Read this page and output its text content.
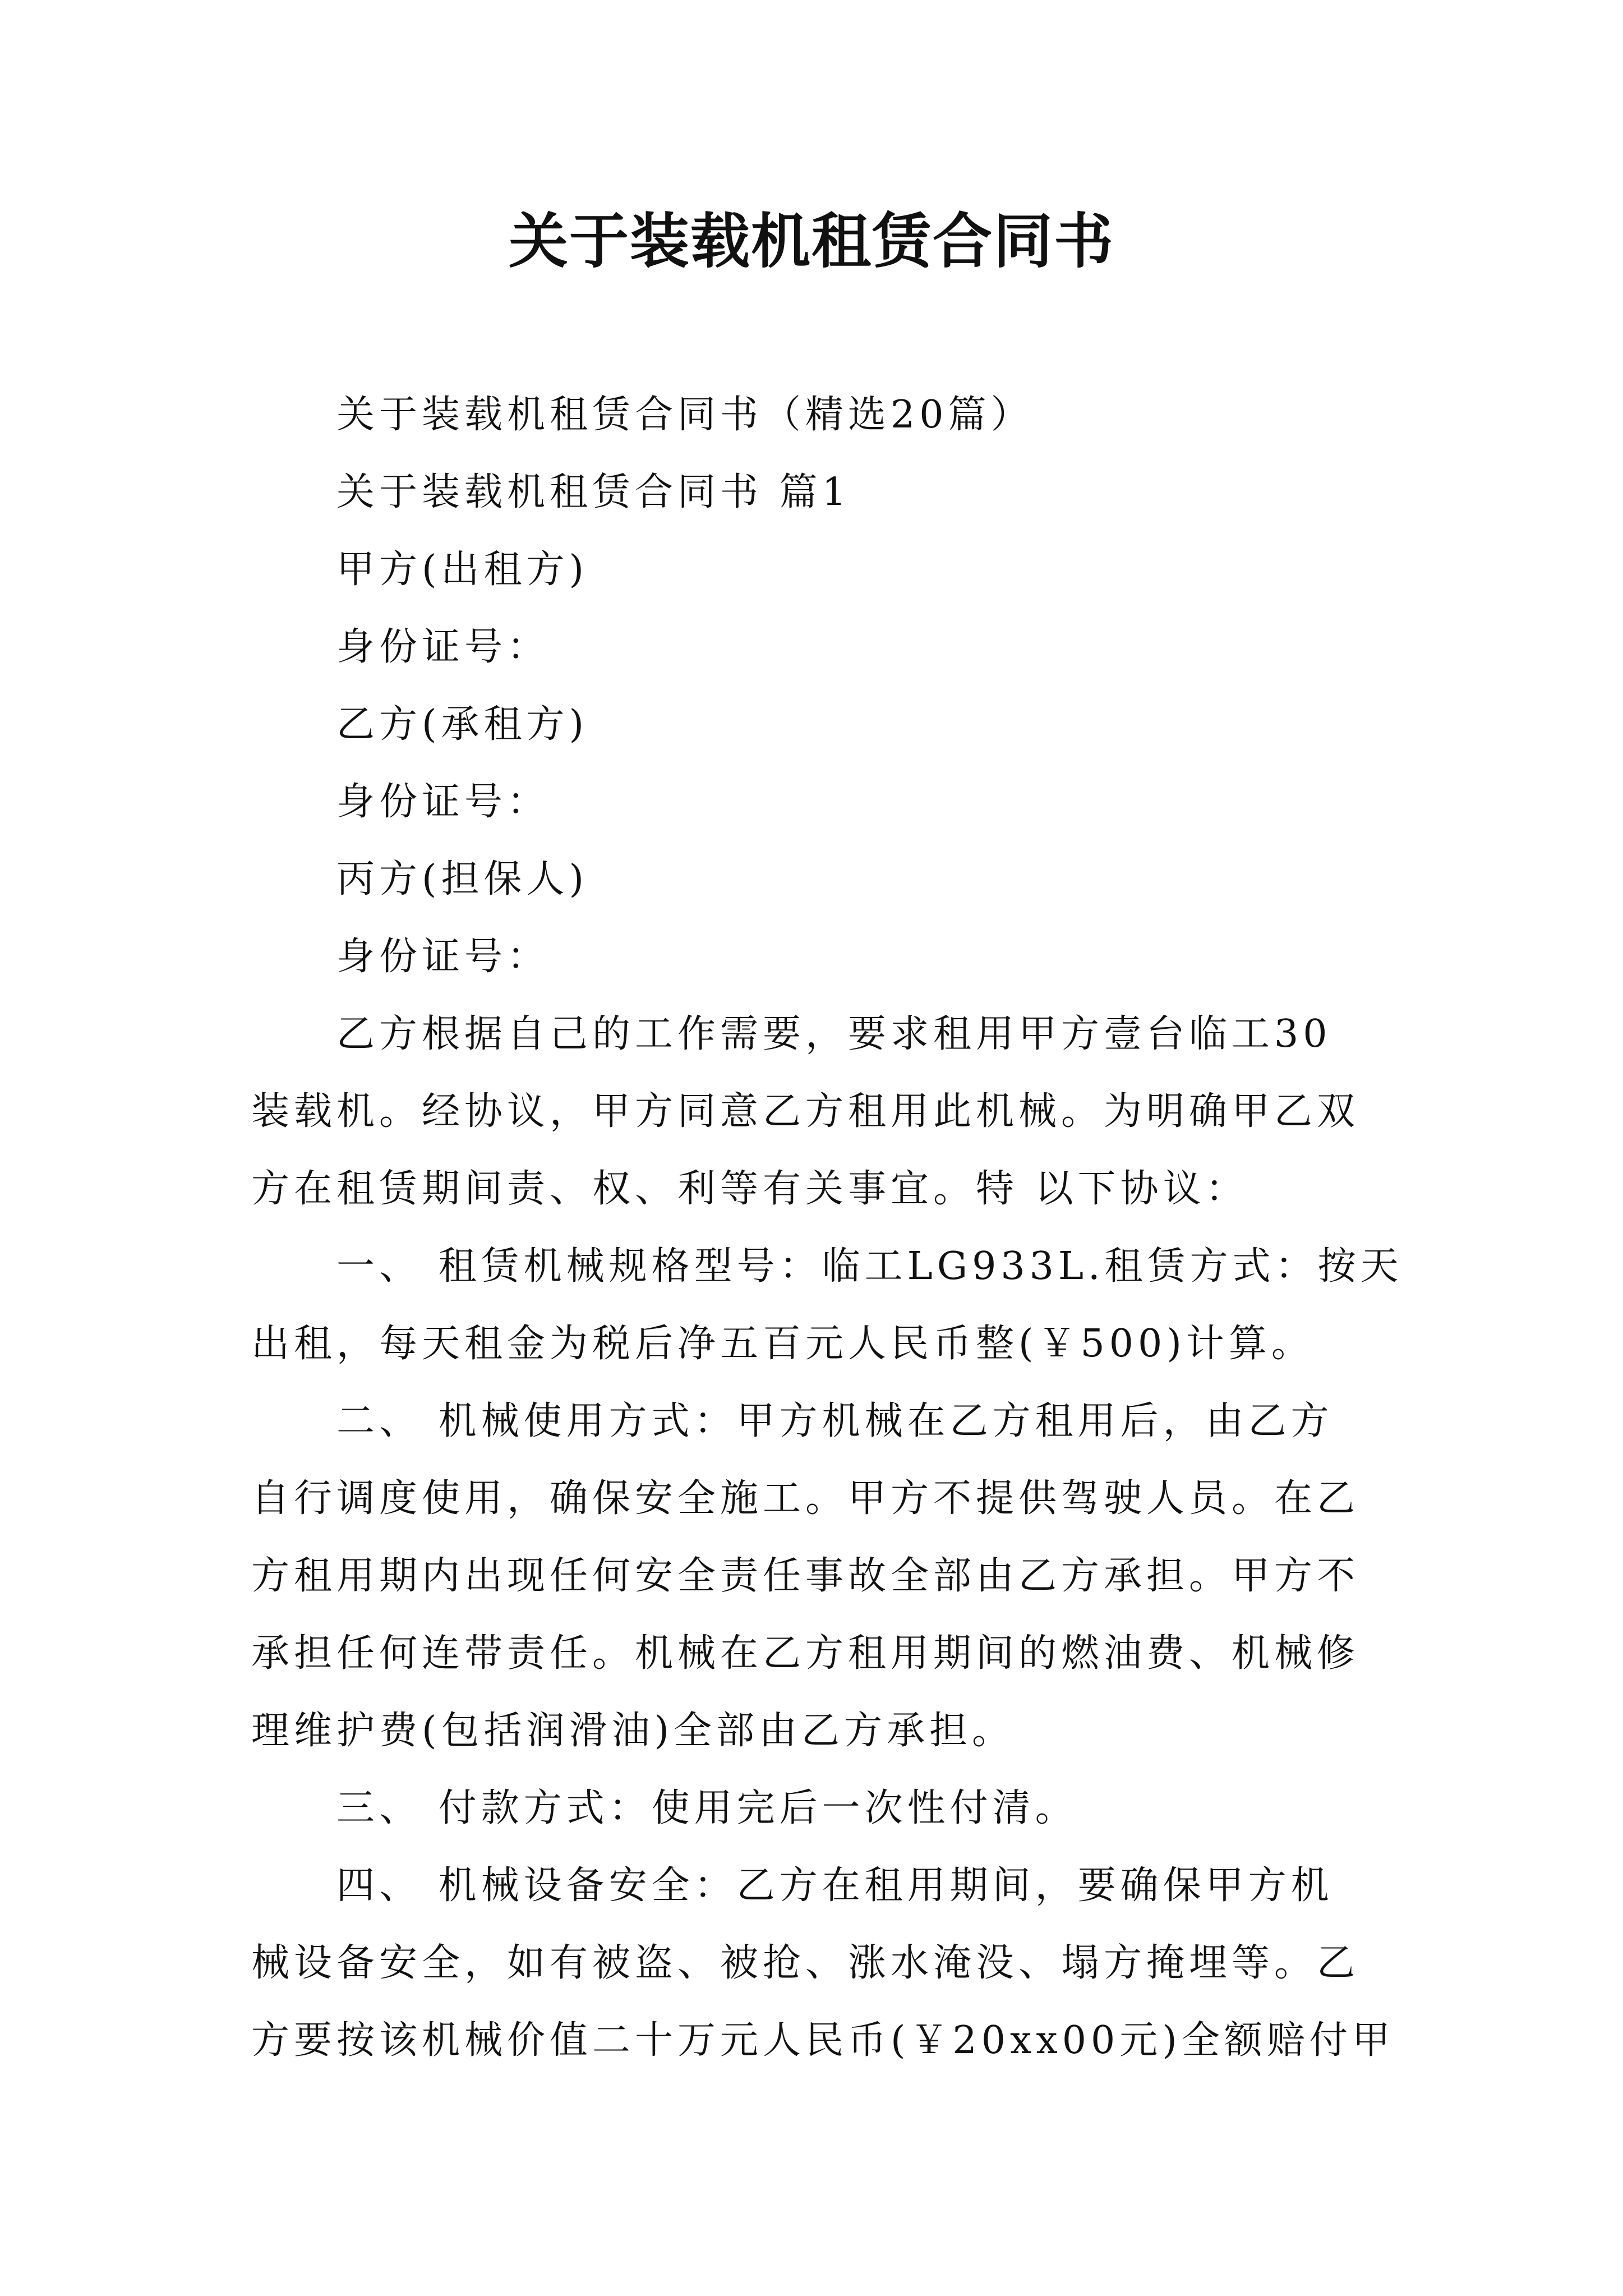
关于装载机租赁合同书
关于装载机租赁合同书（精选20篇）
关于装载机租赁合同书 篇1
甲方(出租方)
身份证号：
乙方(承租方)
身份证号：
丙方(担保人)
身份证号：
乙方根据自己的工作需要，要求租用甲方壹台临工30
装载机。经协议，甲方同意乙方租用此机械。为明确甲乙双
方在租赁期间责、权、利等有关事宜。特 以下协议：
一、 租赁机械规格型号：临工LG933L.租赁方式：按天
出租，每天租金为税后净五百元人民币整(￥500)计算。
二、 机械使用方式：甲方机械在乙方租用后，由乙方
自行调度使用，确保安全施工。甲方不提供驾驶人员。在乙
方租用期内出现任何安全责任事故全部由乙方承担。甲方不
承担任何连带责任。机械在乙方租用期间的燃油费、机械修
理维护费(包括润滑油)全部由乙方承担。
三、 付款方式：使用完后一次性付清。
四、 机械设备安全：乙方在租用期间，要确保甲方机
械设备安全，如有被盗、被抢、涨水淹没、塌方掩埋等。乙
方要按该机械价值二十万元人民币(￥20xx00元)全额赔付甲
